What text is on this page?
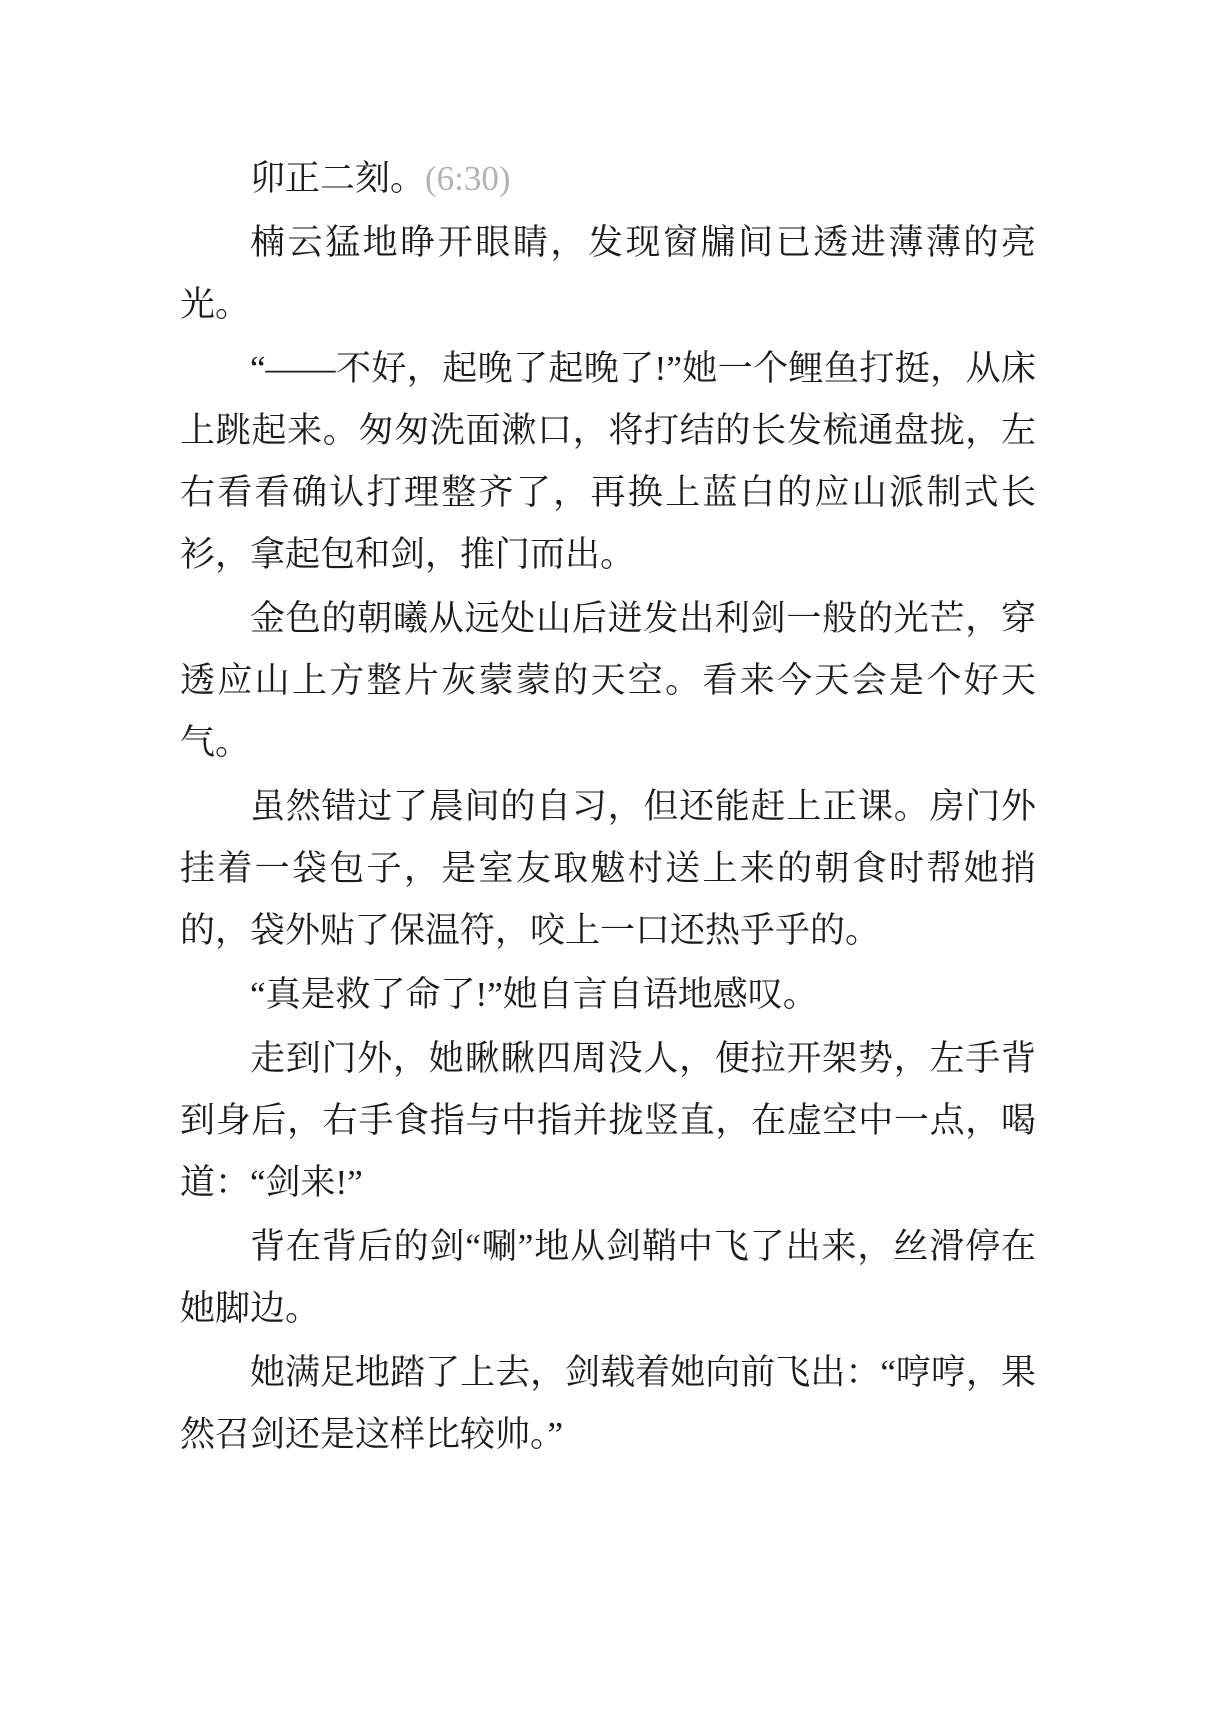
卯正二刻。(6:30)

楠云猛地睁开眼睛，发现窗牖间已透进薄薄的亮光。

“——不好，起晚了起晚了!”她一个鲤鱼打挺，从床上跳起来。匆匆洗面漱口，将打结的长发梳通盘拢，左右看看确认打理整齐了，再换上蓝白的应山派制式长衫，拿起包和剑，推门而出。

金色的朝曦从远处山后迸发出利剑一般的光芒，穿透应山上方整片灰蒙蒙的天空。看来今天会是个好天气。

虽然错过了晨间的自习，但还能赶上正课。房门外挂着一袋包子，是室友取魃村送上来的朝食时帮她捎的，袋外贴了保温符，咬上一口还热乎乎的。

“真是救了命了!”她自言自语地感叹。

走到门外，她瞅瞅四周没人，便拉开架势，左手背到身后，右手食指与中指并拢竖直，在虚空中一点，喝道：“剑来!”

背在背后的剑“唰”地从剑鞘中飞了出来，丝滑停在她脚边。

她满足地踏了上去，剑载着她向前飞出：“哼哼，果然召剑还是这样比较帅。”
